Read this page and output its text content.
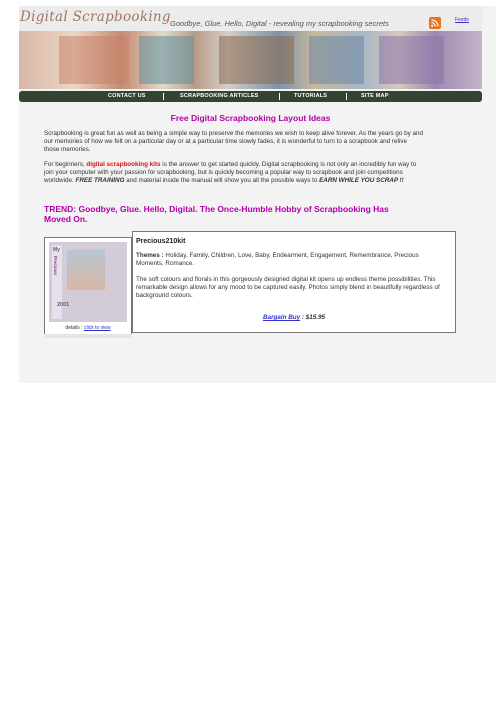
Digital Scrapbooking Goodbye, Glue. Hello, Digital - revealing my scrapbooking secrets	Feeds
CONTACT US	SCRAPBOOKING ARTICLES	TUTORIALS	SITE MAP
Free Digital Scrapbooking Layout Ideas
Scrapbooking is great fun as well as being a simple way to preserve the memories we wish to keep alive forever. As the years go by and our memories of how we felt on a particular day or at a particular time slowly fades, it is wonderful to turn to a scrapbook and relive those memories.
For beginners, digital scrapbooking kits is the answer to get started quickly. Digital scrapbooking is not only an incredibly fun way to join your computer with your passion for scrapbooking, but is quickly becoming a popular way to scrapbook and join competitions worldwide. FREE TRAINING and material inside the manual will show you all the possible ways to EARN WHILE YOU SCRAP !!
TREND: Goodbye, Glue. Hello, Digital. The Once-Humble Hobby of Scrapbooking Has Moved On.
My
Precious
2001
details : click to view
Precious210kit
Themes : Holiday, Family, Children, Love, Baby, Endearment, Engagement, Remembrance, Precious Moments, Romance.
The soft colours and florals in this gorgeously designed digital kit opens up endless theme possibilities. This remarkable design allows for any mood to be captured easily. Photos simply blend in beautifully regardless of background colours.
Bargain Buy : $15.95
